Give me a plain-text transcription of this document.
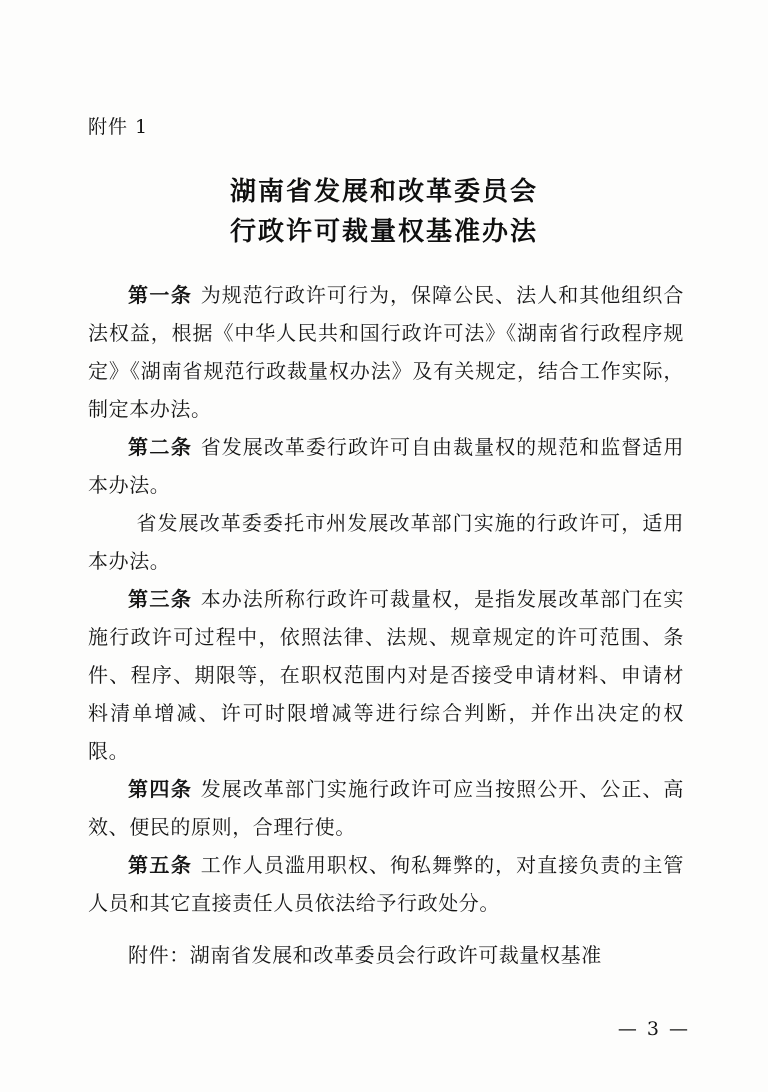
附件 1
湖南省发展和改革委员会
行政许可裁量权基准办法

第一条 为规范行政许可行为，保障公民、法人和其他组织合法权益，根据《中华人民共和国行政许可法》《湖南省行政程序规定》《湖南省规范行政裁量权办法》及有关规定，结合工作实际，制定本办法。

第二条 省发展改革委行政许可自由裁量权的规范和监督适用本办法。

省发展改革委委托市州发展改革部门实施的行政许可，适用本办法。

第三条 本办法所称行政许可裁量权，是指发展改革部门在实施行政许可过程中，依照法律、法规、规章规定的许可范围、条件、程序、期限等，在职权范围内对是否接受申请材料、申请材料清单增减、许可时限增减等进行综合判断，并作出决定的权限。

第四条 发展改革部门实施行政许可应当按照公开、公正、高效、便民的原则，合理行使。

第五条 工作人员滥用职权、徇私舞弊的，对直接负责的主管人员和其它直接责任人员依法给予行政处分。

附件：湖南省发展和改革委员会行政许可裁量权基准

— 3 —
